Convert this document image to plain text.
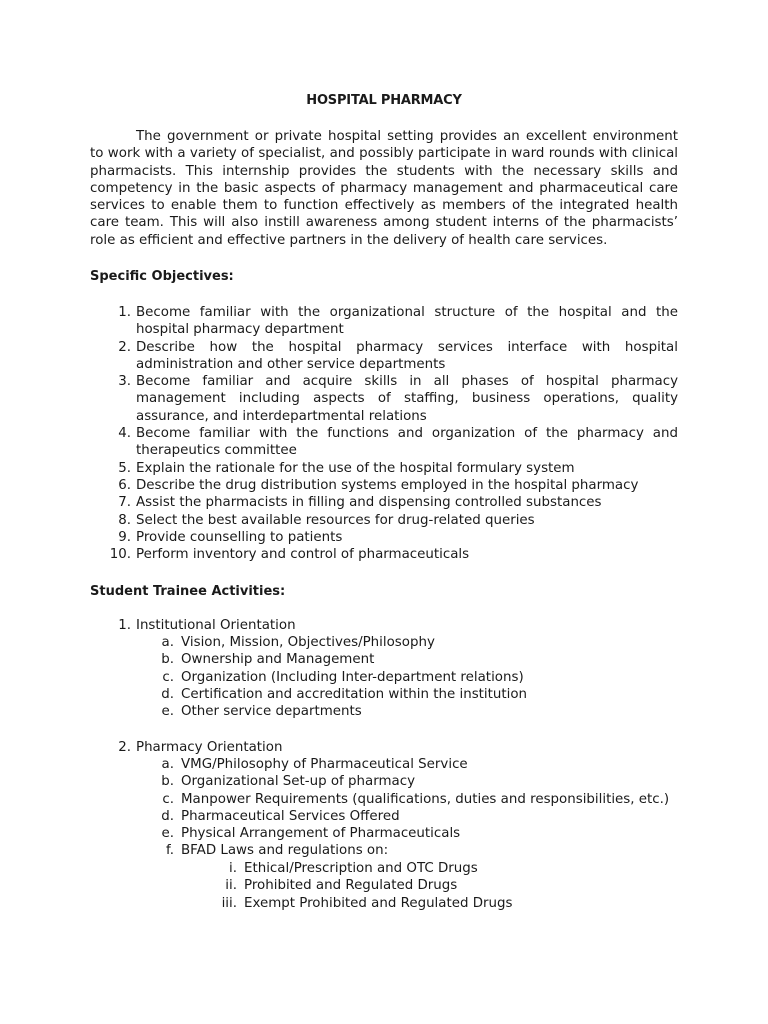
HOSPITAL PHARMACY

The government or private hospital setting provides an excellent environment to work with a variety of specialist, and possibly participate in ward rounds with clinical pharmacists. This internship provides the students with the necessary skills and competency in the basic aspects of pharmacy management and pharmaceutical care services to enable them to function effectively as members of the integrated health care team. This will also instill awareness among student interns of the pharmacists’ role as efficient and effective partners in the delivery of health care services.

Specific Objectives:
1. Become familiar with the organizational structure of the hospital and the hospital pharmacy department
2. Describe how the hospital pharmacy services interface with hospital administration and other service departments
3. Become familiar and acquire skills in all phases of hospital pharmacy management including aspects of staffing, business operations, quality assurance, and interdepartmental relations
4. Become familiar with the functions and organization of the pharmacy and therapeutics committee
5. Explain the rationale for the use of the hospital formulary system
6. Describe the drug distribution systems employed in the hospital pharmacy
7. Assist the pharmacists in filling and dispensing controlled substances
8. Select the best available resources for drug-related queries
9. Provide counselling to patients
10. Perform inventory and control of pharmaceuticals
Student Trainee Activities:
1. Institutional Orientation
a. Vision, Mission, Objectives/Philosophy
b. Ownership and Management
c. Organization (Including Inter-department relations)
d. Certification and accreditation within the institution
e. Other service departments
2. Pharmacy Orientation
a. VMG/Philosophy of Pharmaceutical Service
b. Organizational Set-up of pharmacy
c. Manpower Requirements (qualifications, duties and responsibilities, etc.)
d. Pharmaceutical Services Offered
e. Physical Arrangement of Pharmaceuticals
f. BFAD Laws and regulations on:
i. Ethical/Prescription and OTC Drugs
ii. Prohibited and Regulated Drugs
iii. Exempt Prohibited and Regulated Drugs
